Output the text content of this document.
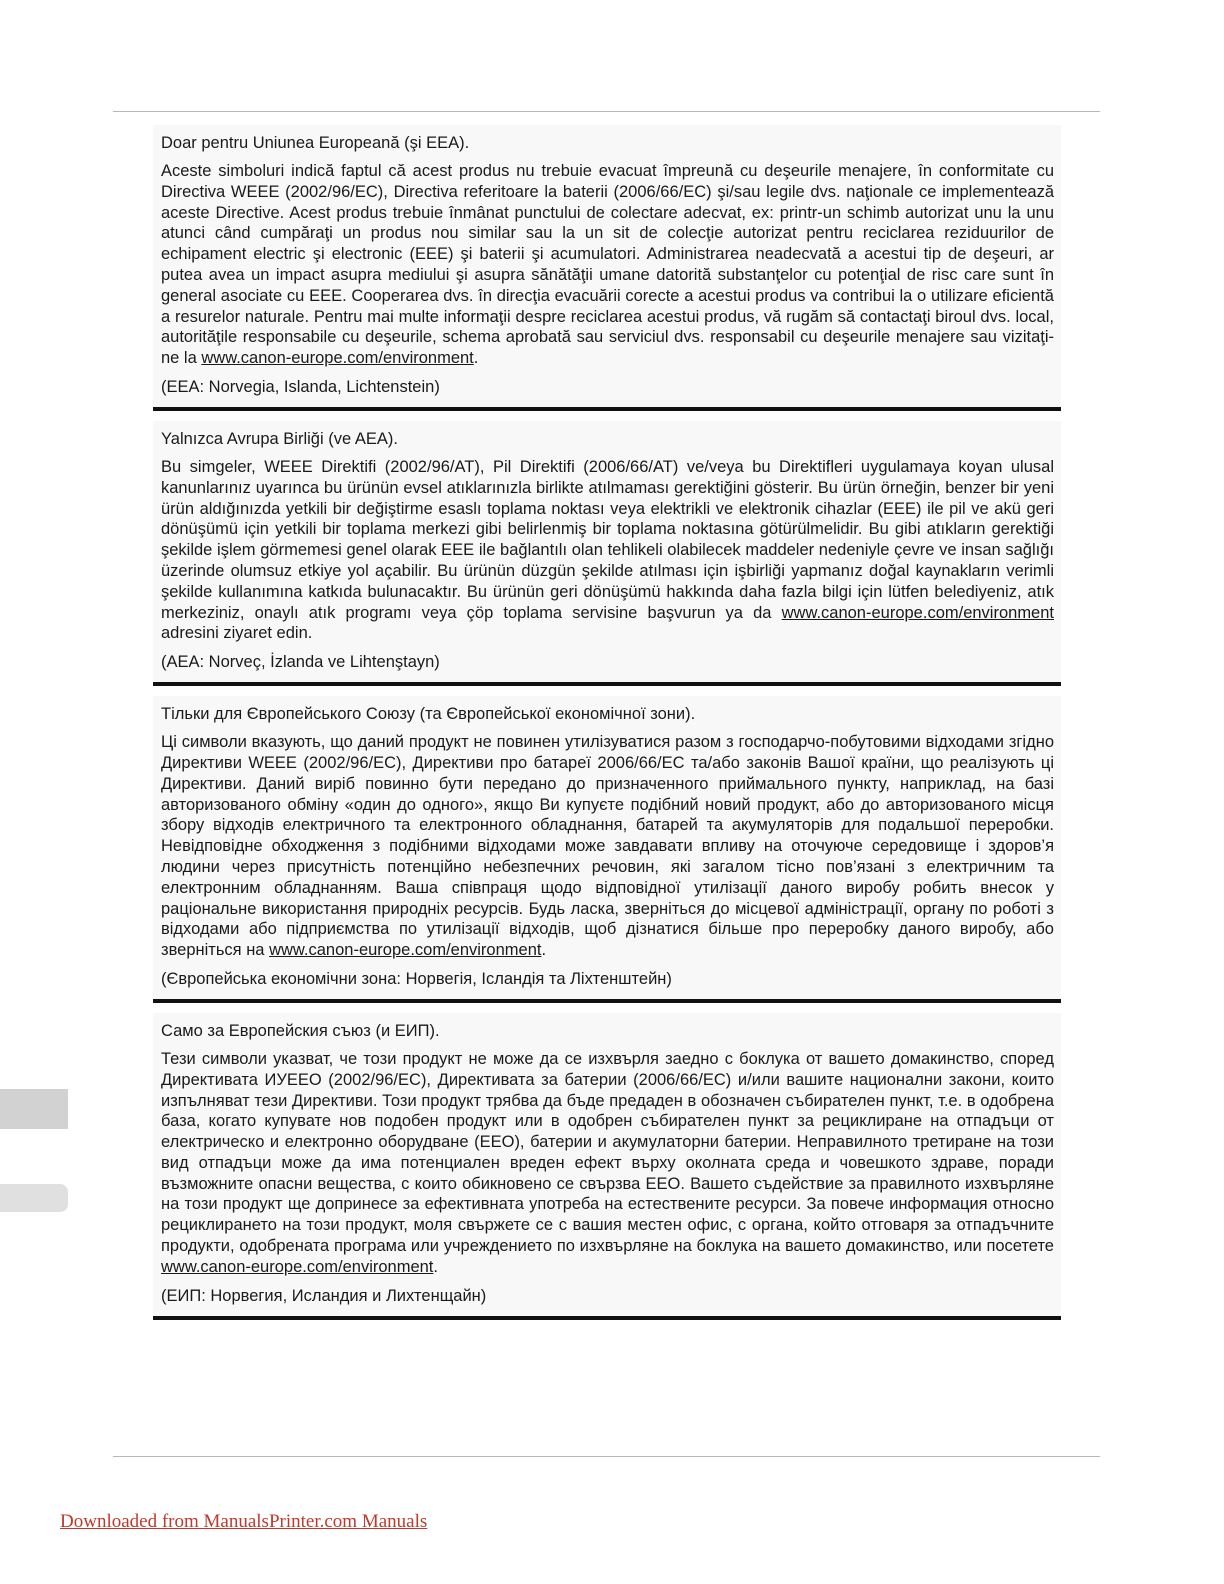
Doar pentru Uniunea Europeană (şi EEA).

Aceste simboluri indică faptul că acest produs nu trebuie evacuat împreună cu deşeurile menajere, în conformitate cu Directiva WEEE (2002/96/EC), Directiva referitoare la baterii (2006/66/EC) şi/sau legile dvs. naţionale ce implementează aceste Directive. Acest produs trebuie înmânat punctului de colectare adecvat, ex: printr-un schimb autorizat unu la unu atunci când cumpăraţi un produs nou similar sau la un sit de colecţie autorizat pentru reciclarea reziduurilor de echipament electric şi electronic (EEE) şi baterii şi acumulatori. Administrarea neadecvată a acestui tip de deşeuri, ar putea avea un impact asupra mediului şi asupra sănătăţii umane datorită substanţelor cu potenţial de risc care sunt în general asociate cu EEE. Cooperarea dvs. în direcţia evacuării corecte a acestui produs va contribui la o utilizare eficientă a resurelor naturale. Pentru mai multe informaţii despre reciclarea acestui produs, vă rugăm să contactaţi biroul dvs. local, autorităţile responsabile cu deşeurile, schema aprobată sau serviciul dvs. responsabil cu deşeurile menajere sau vizitaţi-ne la www.canon-europe.com/environment.

(EEA: Norvegia, Islanda, Lichtenstein)

Yalnızca Avrupa Birliği (ve AEA).

Bu simgeler, WEEE Direktifi (2002/96/AT), Pil Direktifi (2006/66/AT) ve/veya bu Direktifleri uygulamaya koyan ulusal kanunlarınız uyarınca bu ürünün evsel atıklarınızla birlikte atılmaması gerektiğini gösterir. Bu ürün örneğin, benzer bir yeni ürün aldığınızda yetkili bir değiştirme esaslı toplama noktası veya elektrikli ve elektronik cihazlar (EEE) ile pil ve akü geri dönüşümü için yetkili bir toplama merkezi gibi belirlenmiş bir toplama noktasına götürülmelidir. Bu gibi atıkların gerektiği şekilde işlem görmemesi genel olarak EEE ile bağlantılı olan tehlikeli olabilecek maddeler nedeniyle çevre ve insan sağlığı üzerinde olumsuz etkiye yol açabilir. Bu ürünün düzgün şekilde atılması için işbirliği yapmanız doğal kaynakların verimli şekilde kullanımına katkıda bulunacaktır. Bu ürünün geri dönüşümü hakkında daha fazla bilgi için lütfen belediyeniz, atık merkeziniz, onaylı atık programı veya çöp toplama servisine başvurun ya da www.canon-europe.com/environment adresini ziyaret edin.

(AEA: Norveç, İzlanda ve Lihtenştayn)

Тільки для Європейського Союзу (та Європейської економічної зони).

Ці символи вказують, що даний продукт не повинен утилізуватися разом з господарчо-побутовими відходами згідно Директиви WEEE (2002/96/EC), Директиви про батареї 2006/66/EC та/або законів Вашої країни, що реалізують ці Директиви. Даний виріб повинно бути передано до призначенного приймального пункту, наприклад, на базі авторизованого обміну «один до одного», якщо Ви купуєте подібний новий продукт, або до авторизованого місця збору відходів електричного та електронного обладнання, батарей та акумуляторів для подальшої переробки. Невідповідне обходження з подібними відходами може завдавати впливу на оточуюче середовище і здоров’я людини через присутність потенційно небезпечних речовин, які загалом тісно пов’язані з електричним та електронним обладнанням. Ваша співпраця щодо відповідної утилізації даного виробу робить внесок у раціональне використання природніх ресурсів. Будь ласка, зверніться до місцевої адміністрації, органу по роботі з відходами або підприємства по утилізації відходів, щоб дізнатися більше про переробку даного виробу, або зверніться на www.canon-europe.com/environment.

(Європейська економічни зона: Норвегія, Ісландія та Ліхтенштейн)

Само за Европейския съюз (и ЕИП).

Тези символи указват, че този продукт не може да се изхвърля заедно с боклука от вашето домакинство, според Директивата ИУЕЕО (2002/96/EC), Директивата за батерии (2006/66/EC) и/или вашите национални закони, които изпълняват тези Директиви. Този продукт трябва да бъде предаден в обозначен събирателен пункт, т.е. в одобрена база, когато купувате нов подобен продукт или в одобрен събирателен пункт за рециклиране на отпадъци от електрическо и електронно оборудване (ЕЕО), батерии и акумулаторни батерии. Неправилното третиране на този вид отпадъци може да има потенциален вреден ефект върху околната среда и човешкото здраве, поради възможните опасни вещества, с които обикновено се свързва ЕЕО. Вашето съдействие за правилното изхвърляне на този продукт ще допринесе за ефективната употреба на естествените ресурси. За повече информация относно рециклирането на този продукт, моля свържете се с вашия местен офис, с органа, който отговаря за отпадъчните продукти, одобрената програма или учреждението по изхвърляне на боклука на вашето домакинство, или посетете www.canon-europe.com/environment.

(ЕИП: Норвегия, Исландия и Лихтенщайн)

Downloaded from ManualsPrinter.com Manuals
